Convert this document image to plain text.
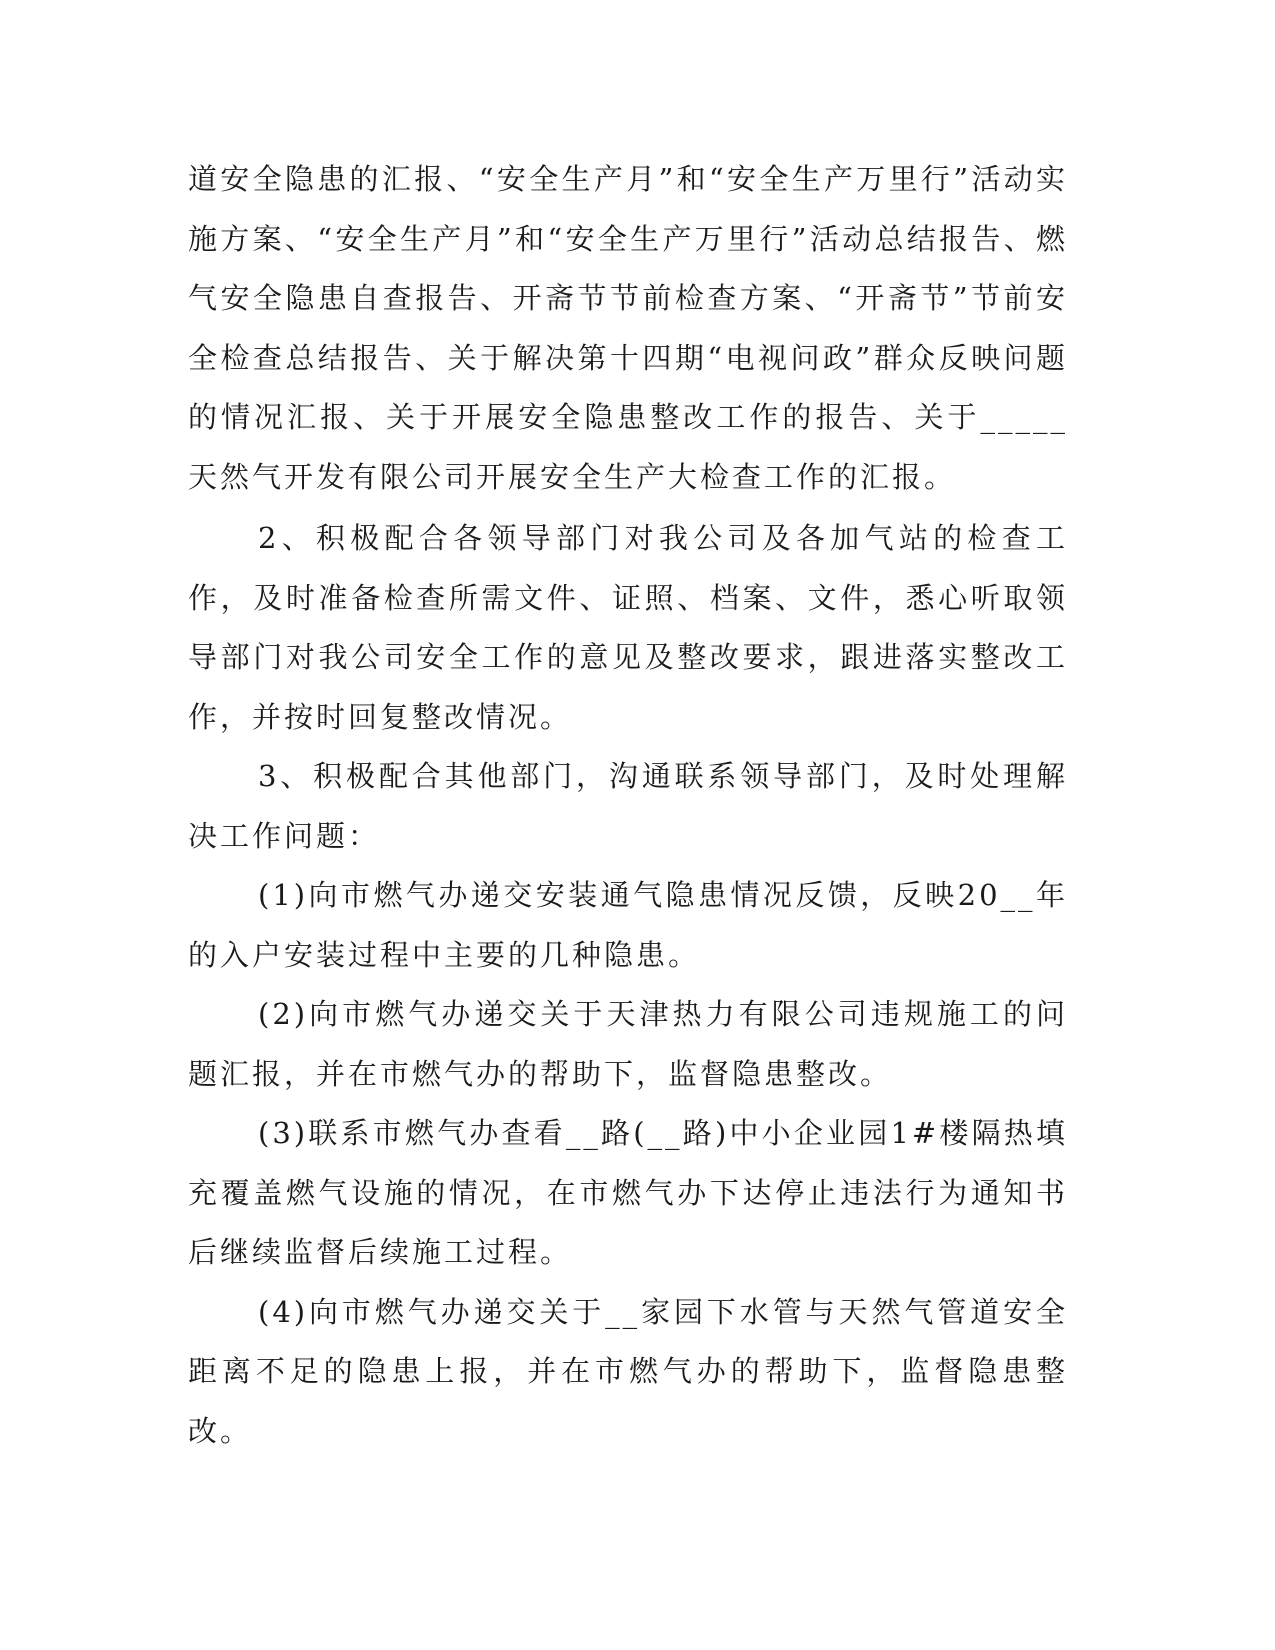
道安全隐患的汇报、“安全生产月”和“安全生产万里行”活动实施方案、“安全生产月”和“安全生产万里行”活动总结报告、燃气安全隐患自查报告、开斋节节前检查方案、“开斋节”节前安全检查总结报告、关于解决第十四期“电视问政”群众反映问题的情况汇报、关于开展安全隐患整改工作的报告、关于_____天然气开发有限公司开展安全生产大检查工作的汇报。

2、积极配合各领导部门对我公司及各加气站的检查工作，及时准备检查所需文件、证照、档案、文件，悉心听取领导部门对我公司安全工作的意见及整改要求，跟进落实整改工作，并按时回复整改情况。

3、积极配合其他部门，沟通联系领导部门，及时处理解决工作问题：

(1)向市燃气办递交安装通气隐患情况反馈，反映20__年的入户安装过程中主要的几种隐患。

(2)向市燃气办递交关于天津热力有限公司违规施工的问题汇报，并在市燃气办的帮助下，监督隐患整改。

(3)联系市燃气办查看__路(__路)中小企业园1#楼隔热填充覆盖燃气设施的情况，在市燃气办下达停止违法行为通知书后继续监督后续施工过程。

(4)向市燃气办递交关于__家园下水管与天然气管道安全距离不足的隐患上报，并在市燃气办的帮助下，监督隐患整改。
